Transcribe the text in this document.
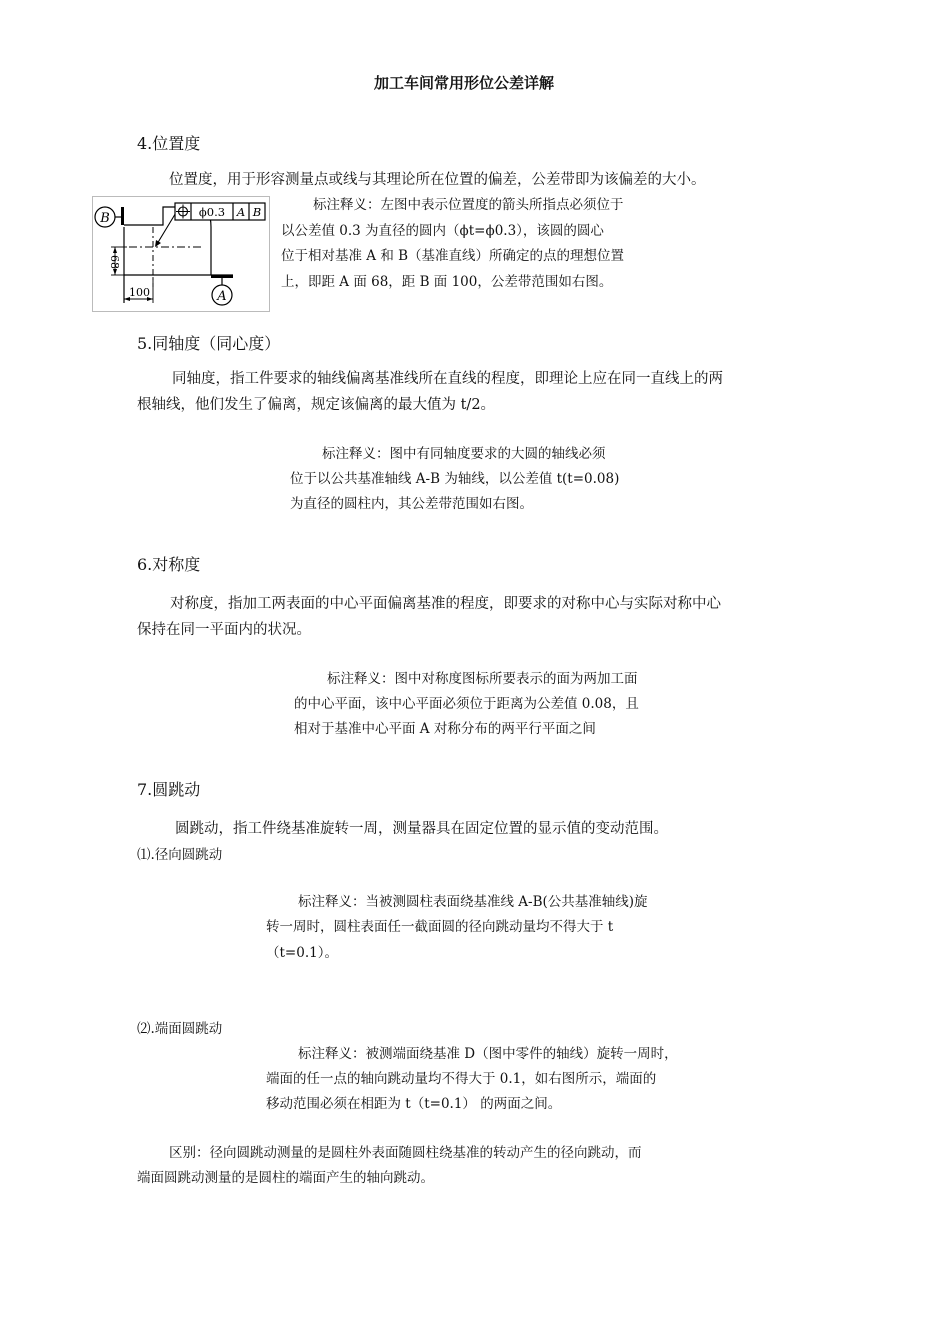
加工车间常用形位公差详解
4.位置度
位置度，用于形容测量点或线与其理论所在位置的偏差，公差带即为该偏差的大小。
B	ϕ0.3 A B
68
100	A
标注释义：左图中表示位置度的箭头所指点必须位于
以公差值 0.3 为直径的圆内（ϕt=ϕ0.3），该圆的圆心
位于相对基准 A 和 B（基准直线）所确定的点的理想位置
上，即距 A 面 68，距 B 面 100，公差带范围如右图。
5.同轴度（同心度）
同轴度，指工件要求的轴线偏离基准线所在直线的程度，即理论上应在同一直线上的两
根轴线，他们发生了偏离，规定该偏离的最大值为 t/2。
标注释义：图中有同轴度要求的大圆的轴线必须
位于以公共基准轴线 A-B 为轴线，以公差值 t(t=0.08)
为直径的圆柱内，其公差带范围如右图。
6.对称度
对称度，指加工两表面的中心平面偏离基准的程度，即要求的对称中心与实际对称中心
保持在同一平面内的状况。
标注释义：图中对称度图标所要表示的面为两加工面
的中心平面，该中心平面必须位于距离为公差值 0.08，且
相对于基准中心平面 A 对称分布的两平行平面之间
7.圆跳动
圆跳动，指工件绕基准旋转一周，测量器具在固定位置的显示值的变动范围。
⑴.径向圆跳动
标注释义：当被测圆柱表面绕基准线 A-B(公共基准轴线)旋
转一周时，圆柱表面任一截面圆的径向跳动量均不得大于 t
（t=0.1）。
⑵.端面圆跳动
标注释义：被测端面绕基准 D（图中零件的轴线）旋转一周时，
端面的任一点的轴向跳动量均不得大于 0.1，如右图所示，端面的
移动范围必须在相距为 t（t=0.1） 的两面之间。
区别：径向圆跳动测量的是圆柱外表面随圆柱绕基准的转动产生的径向跳动，而
端面圆跳动测量的是圆柱的端面产生的轴向跳动。
